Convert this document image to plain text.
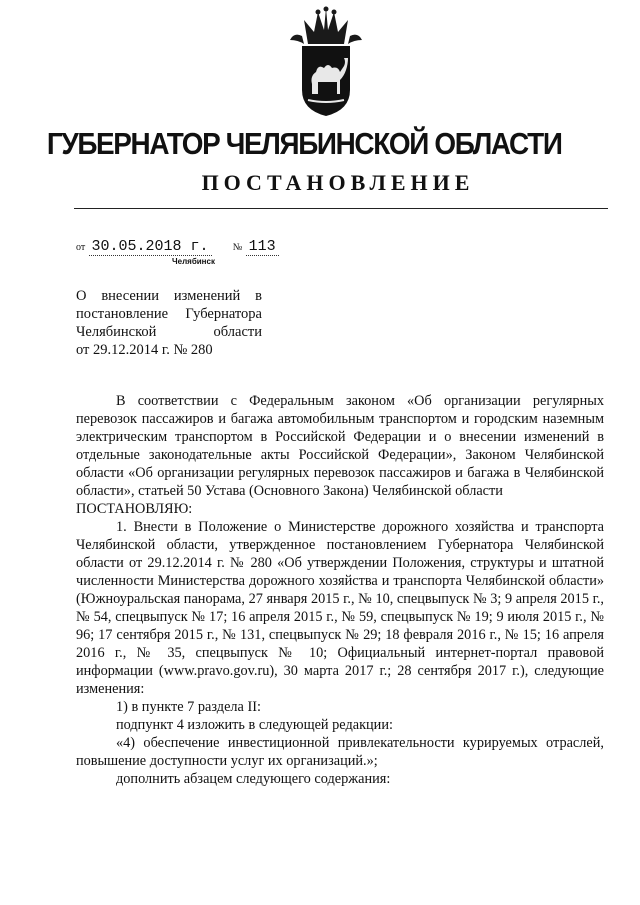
ГУБЕРНАТОР ЧЕЛЯБИНСКОЙ ОБЛАСТИ
ПОСТАНОВЛЕНИЕ
от 30.05.2018 г. № 113
Челябинск
О внесении изменений в
постановление Губернатора
Челябинской области
от 29.12.2014 г. № 280

В соответствии с Федеральным законом «Об организации регулярных перевозок пассажиров и багажа автомобильным транспортом и городским наземным электрическим транспортом в Российской Федерации и о внесении изменений в отдельные законодательные акты Российской Федерации», Законом Челябинской области «Об организации регулярных перевозок пассажиров и багажа в Челябинской области», статьей 50 Устава (Основного Закона) Челябинской области

ПОСТАНОВЛЯЮ:

1. Внести в Положение о Министерстве дорожного хозяйства и транспорта Челябинской области, утвержденное постановлением Губернатора Челябинской области от 29.12.2014 г. № 280 «Об утверждении Положения, структуры и штатной численности Министерства дорожного хозяйства и транспорта Челябинской области» (Южноуральская панорама, 27 января 2015 г., № 10, спецвыпуск № 3; 9 апреля 2015 г., № 54, спецвыпуск № 17; 16 апреля 2015 г., № 59, спецвыпуск № 19; 9 июля 2015 г., № 96; 17 сентября 2015 г., № 131, спецвыпуск № 29; 18 февраля 2016 г., № 15; 16 апреля 2016 г., № 35, спецвыпуск № 10; Официальный интернет-портал правовой информации (www.pravo.gov.ru), 30 марта 2017 г.; 28 сентября 2017 г.), следующие изменения:

1) в пункте 7 раздела II:

подпункт 4 изложить в следующей редакции:

«4) обеспечение инвестиционной привлекательности курируемых отраслей, повышение доступности услуг их организаций.»;

дополнить абзацем следующего содержания:
